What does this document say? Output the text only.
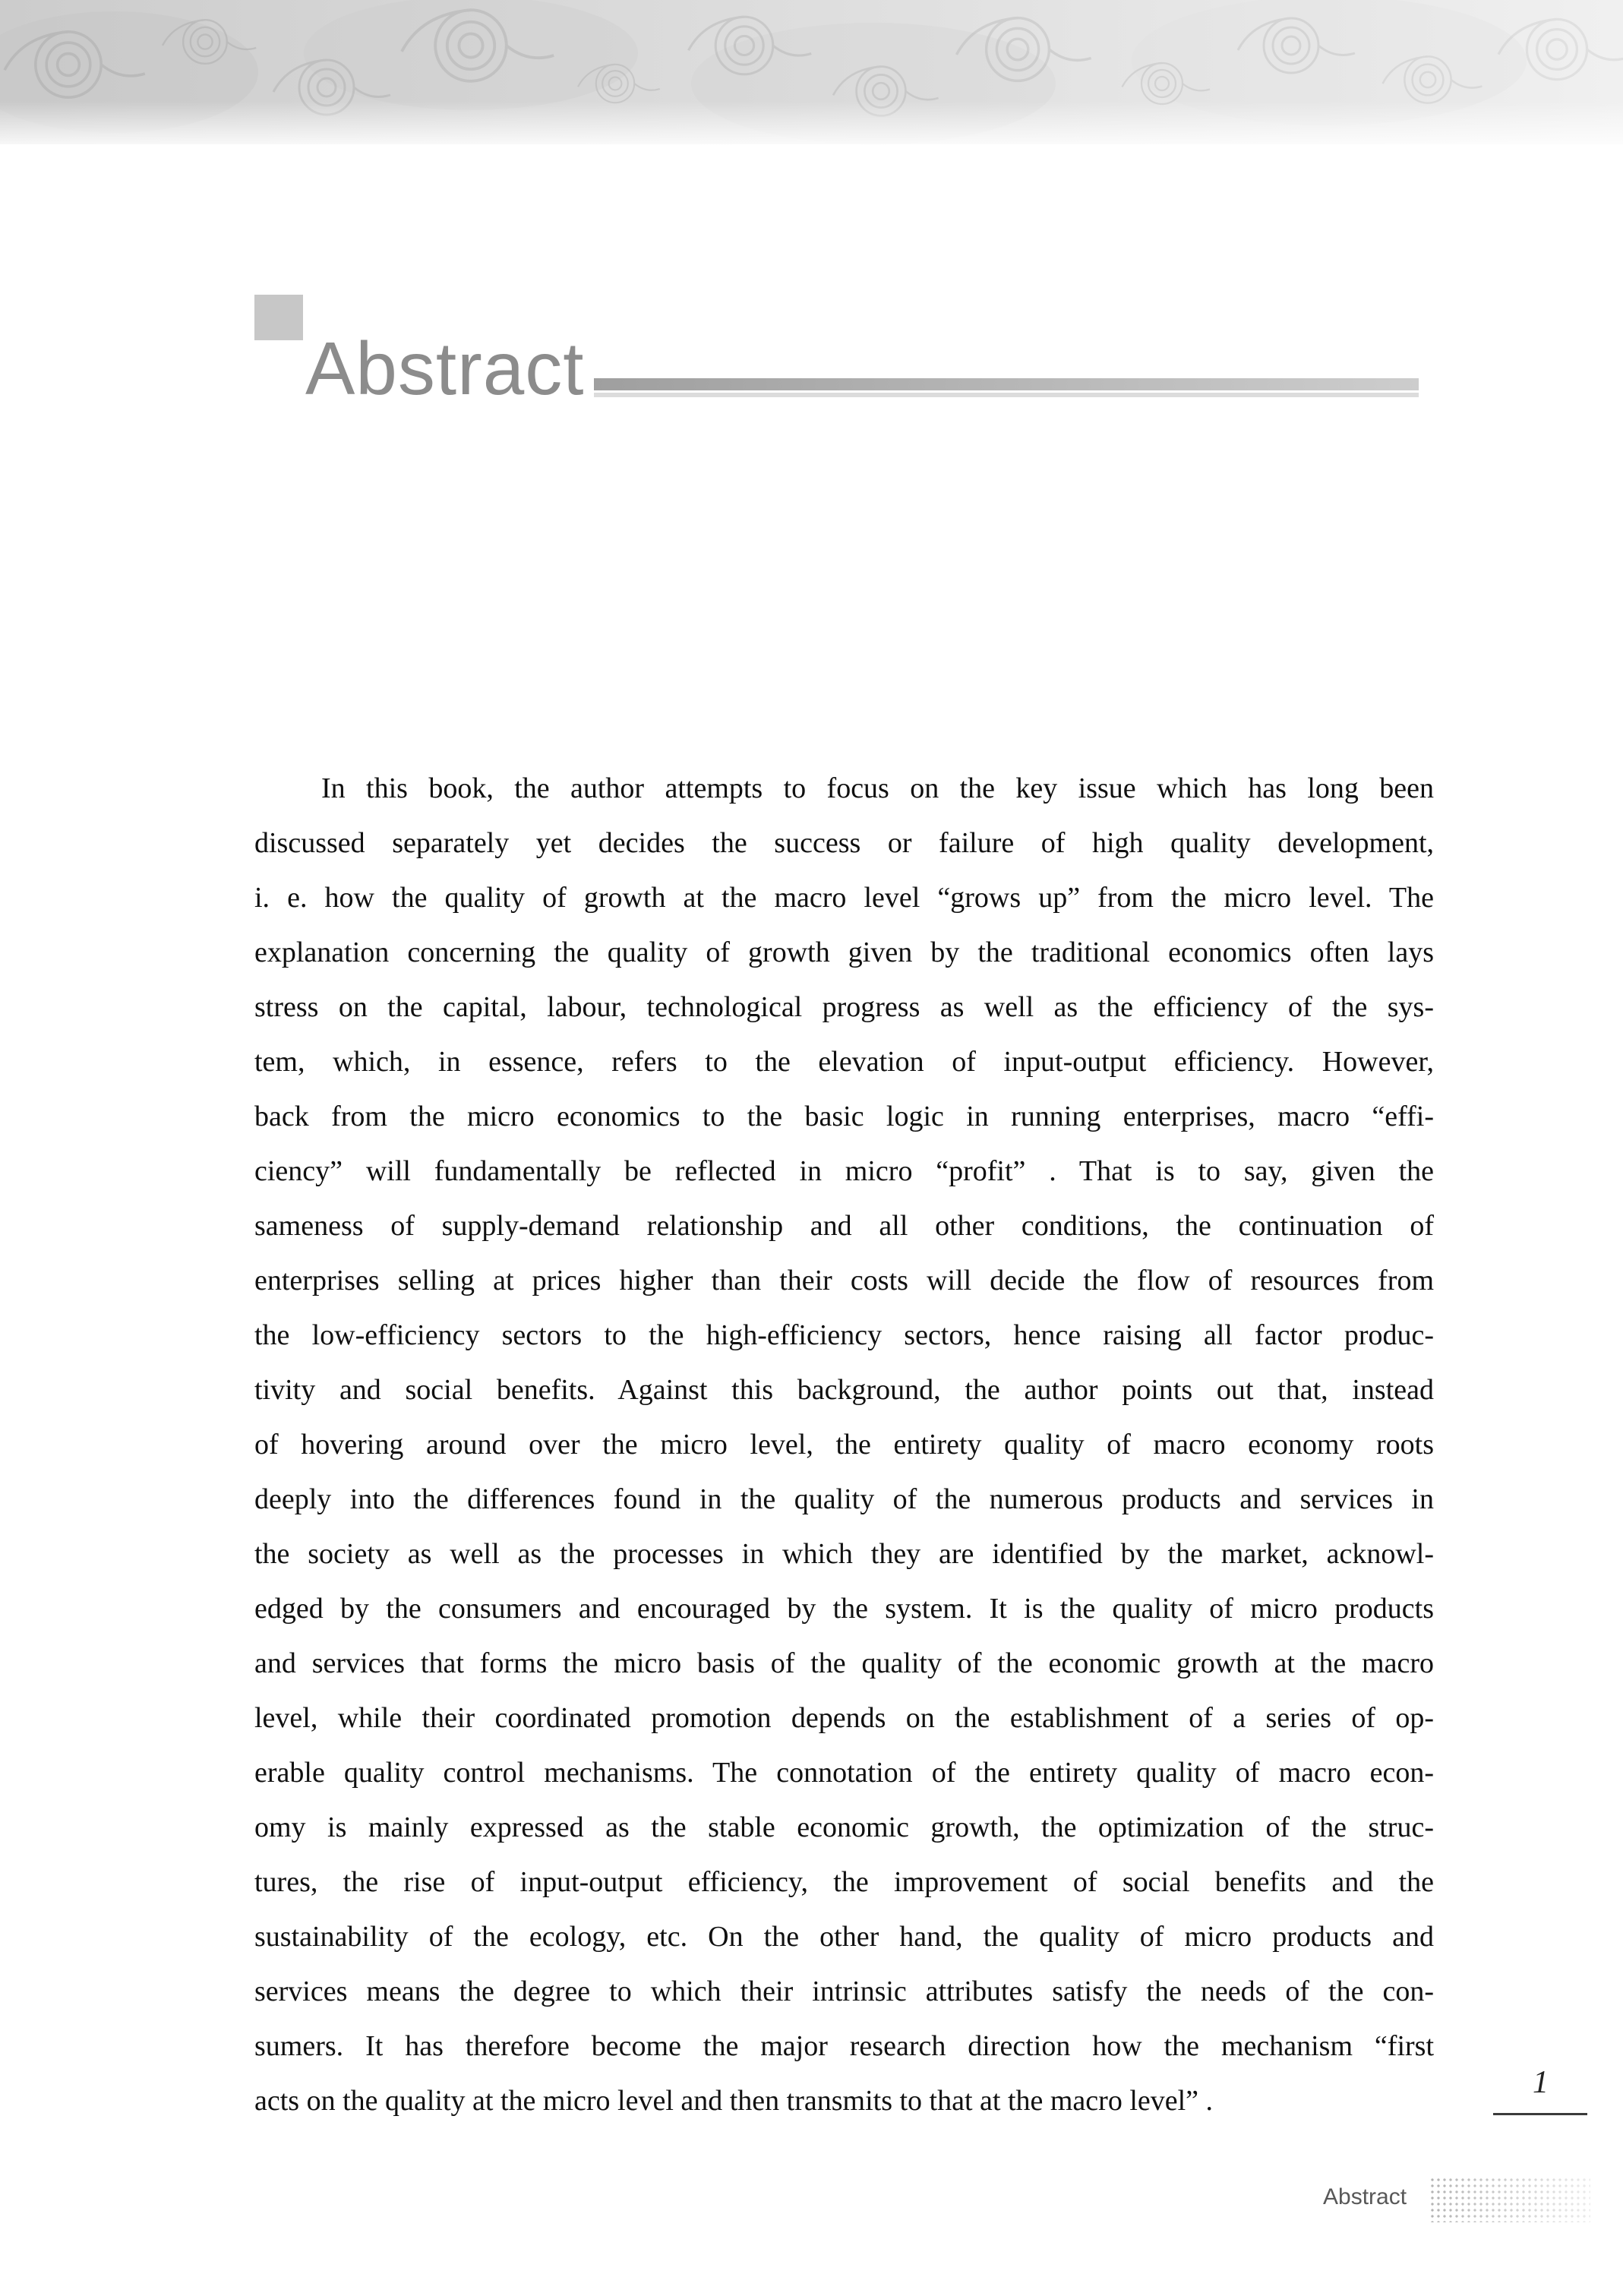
Abstract
In this book, the author attempts to focus on the key issue which has long been
discussed separately yet decides the success or failure of high quality development,
i. e. how the quality of growth at the macro level “grows up” from the micro level. The
explanation concerning the quality of growth given by the traditional economics often lays
stress on the capital, labour, technological progress as well as the efficiency of the sys-
tem, which, in essence, refers to the elevation of input-output efficiency. However,
back from the micro economics to the basic logic in running enterprises, macro “effi-
ciency” will fundamentally be reflected in micro “profit” . That is to say, given the
sameness of supply-demand relationship and all other conditions, the continuation of
enterprises selling at prices higher than their costs will decide the flow of resources from
the low-efficiency sectors to the high-efficiency sectors, hence raising all factor produc-
tivity and social benefits. Against this background, the author points out that, instead
of hovering around over the micro level, the entirety quality of macro economy roots
deeply into the differences found in the quality of the numerous products and services in
the society as well as the processes in which they are identified by the market, acknowl-
edged by the consumers and encouraged by the system. It is the quality of micro products
and services that forms the micro basis of the quality of the economic growth at the macro
level, while their coordinated promotion depends on the establishment of a series of op-
erable quality control mechanisms. The connotation of the entirety quality of macro econ-
omy is mainly expressed as the stable economic growth, the optimization of the struc-
tures, the rise of input-output efficiency, the improvement of social benefits and the
sustainability of the ecology, etc. On the other hand, the quality of micro products and
services means the degree to which their intrinsic attributes satisfy the needs of the con-
sumers. It has therefore become the major research direction how the mechanism “first
acts on the quality at the micro level and then transmits to that at the macro level” .
1
Abstract
